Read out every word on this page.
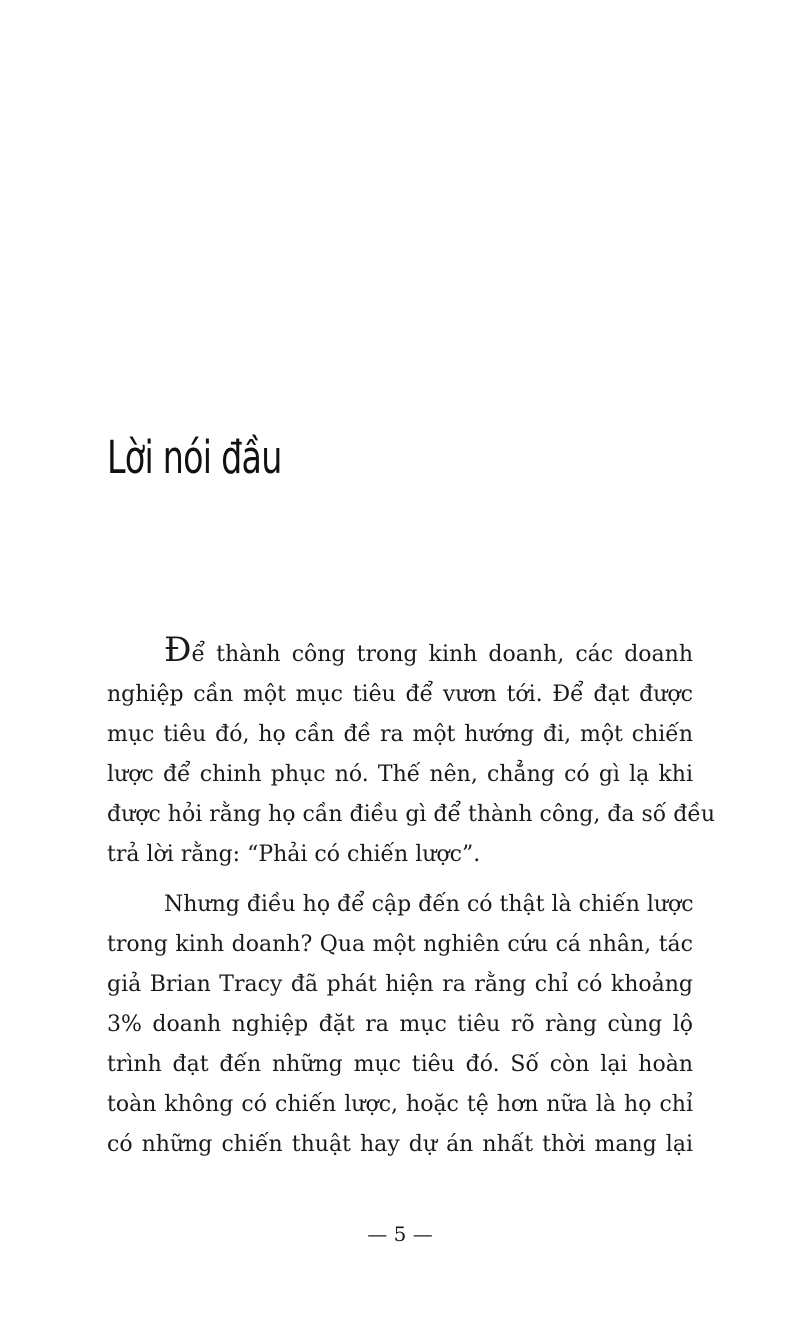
Lời nói đầu
Để thành công trong kinh doanh, các doanh
nghiệp cần một mục tiêu để vươn tới. Để đạt được
mục tiêu đó, họ cần đề ra một hướng đi, một chiến
lược để chinh phục nó. Thế nên, chẳng có gì lạ khi
được hỏi rằng họ cần điều gì để thành công, đa số đều
trả lời rằng: “Phải có chiến lược”.
Nhưng điều họ để cập đến có thật là chiến lược
trong kinh doanh? Qua một nghiên cứu cá nhân, tác
giả Brian Tracy đã phát hiện ra rằng chỉ có khoảng
3% doanh nghiệp đặt ra mục tiêu rõ ràng cùng lộ
trình đạt đến những mục tiêu đó. Số còn lại hoàn
toàn không có chiến lược, hoặc tệ hơn nữa là họ chỉ
có những chiến thuật hay dự án nhất thời mang lại
— 5 —
